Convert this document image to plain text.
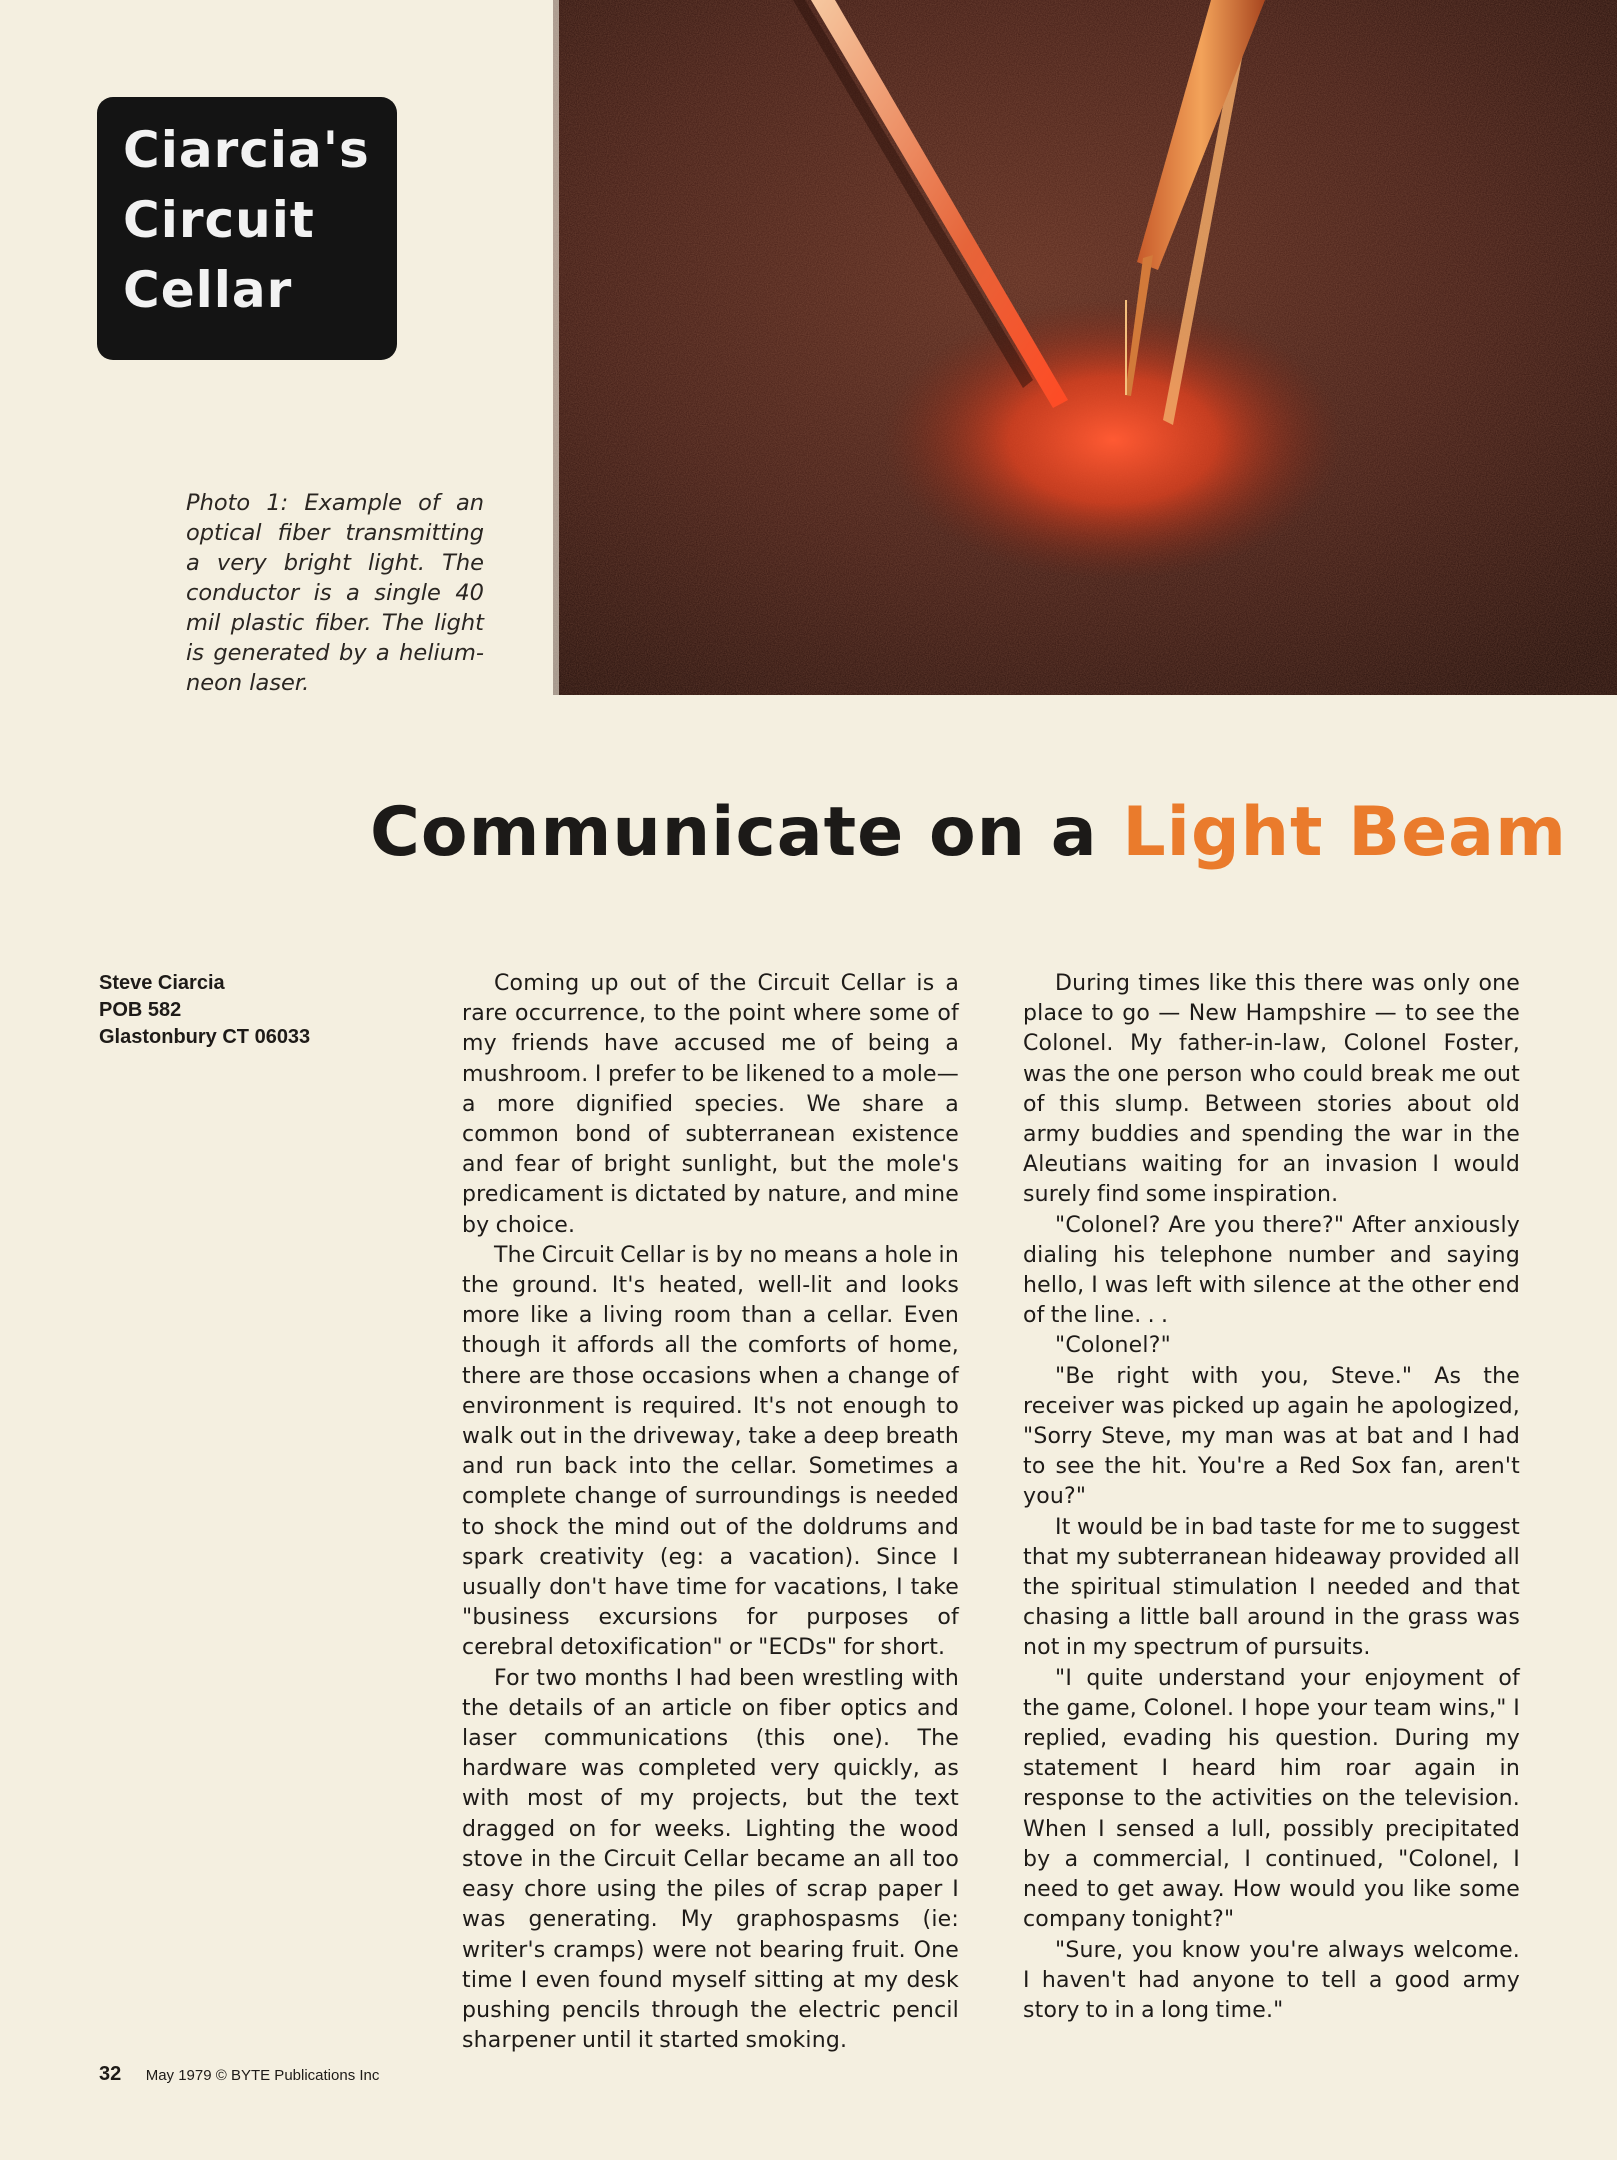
Ciarcia's
Circuit
Cellar

Photo 1: Example of an optical fiber transmitting a very bright light. The conductor is a single 40 mil plastic fiber. The light is generated by a helium-neon laser.

Communicate on a Light Beam
Steve Ciarcia
POB 582
Glastonbury CT 06033

Coming up out of the Circuit Cellar is a rare occurrence, to the point where some of my friends have accused me of being a mushroom. I prefer to be likened to a mole—a more dignified species. We share a common bond of subterranean existence and fear of bright sunlight, but the mole's predicament is dictated by nature, and mine by choice.

The Circuit Cellar is by no means a hole in the ground. It's heated, well-lit and looks more like a living room than a cellar. Even though it affords all the comforts of home, there are those occasions when a change of environment is required. It's not enough to walk out in the driveway, take a deep breath and run back into the cellar. Sometimes a complete change of surroundings is needed to shock the mind out of the doldrums and spark creativity (eg: a vacation). Since I usually don't have time for vacations, I take "business excursions for purposes of cerebral detoxification" or "ECDs" for short.

For two months I had been wrestling with the details of an article on fiber optics and laser communications (this one). The hardware was completed very quickly, as with most of my projects, but the text dragged on for weeks. Lighting the wood stove in the Circuit Cellar became an all too easy chore using the piles of scrap paper I was generating. My graphospasms (ie: writer's cramps) were not bearing fruit. One time I even found myself sitting at my desk pushing pencils through the electric pencil sharpener until it started smoking.

During times like this there was only one place to go — New Hampshire — to see the Colonel. My father-in-law, Colonel Foster, was the one person who could break me out of this slump. Between stories about old army buddies and spending the war in the Aleutians waiting for an invasion I would surely find some inspiration.

"Colonel? Are you there?" After anxiously dialing his telephone number and saying hello, I was left with silence at the other end of the line. . .

"Colonel?"

"Be right with you, Steve." As the receiver was picked up again he apologized, "Sorry Steve, my man was at bat and I had to see the hit. You're a Red Sox fan, aren't you?"

It would be in bad taste for me to suggest that my subterranean hideaway provided all the spiritual stimulation I needed and that chasing a little ball around in the grass was not in my spectrum of pursuits.

"I quite understand your enjoyment of the game, Colonel. I hope your team wins," I replied, evading his question. During my statement I heard him roar again in response to the activities on the television. When I sensed a lull, possibly precipitated by a commercial, I continued, "Colonel, I need to get away. How would you like some company tonight?"

"Sure, you know you're always welcome. I haven't had anyone to tell a good army story to in a long time."

32 May 1979 © BYTE Publications Inc
